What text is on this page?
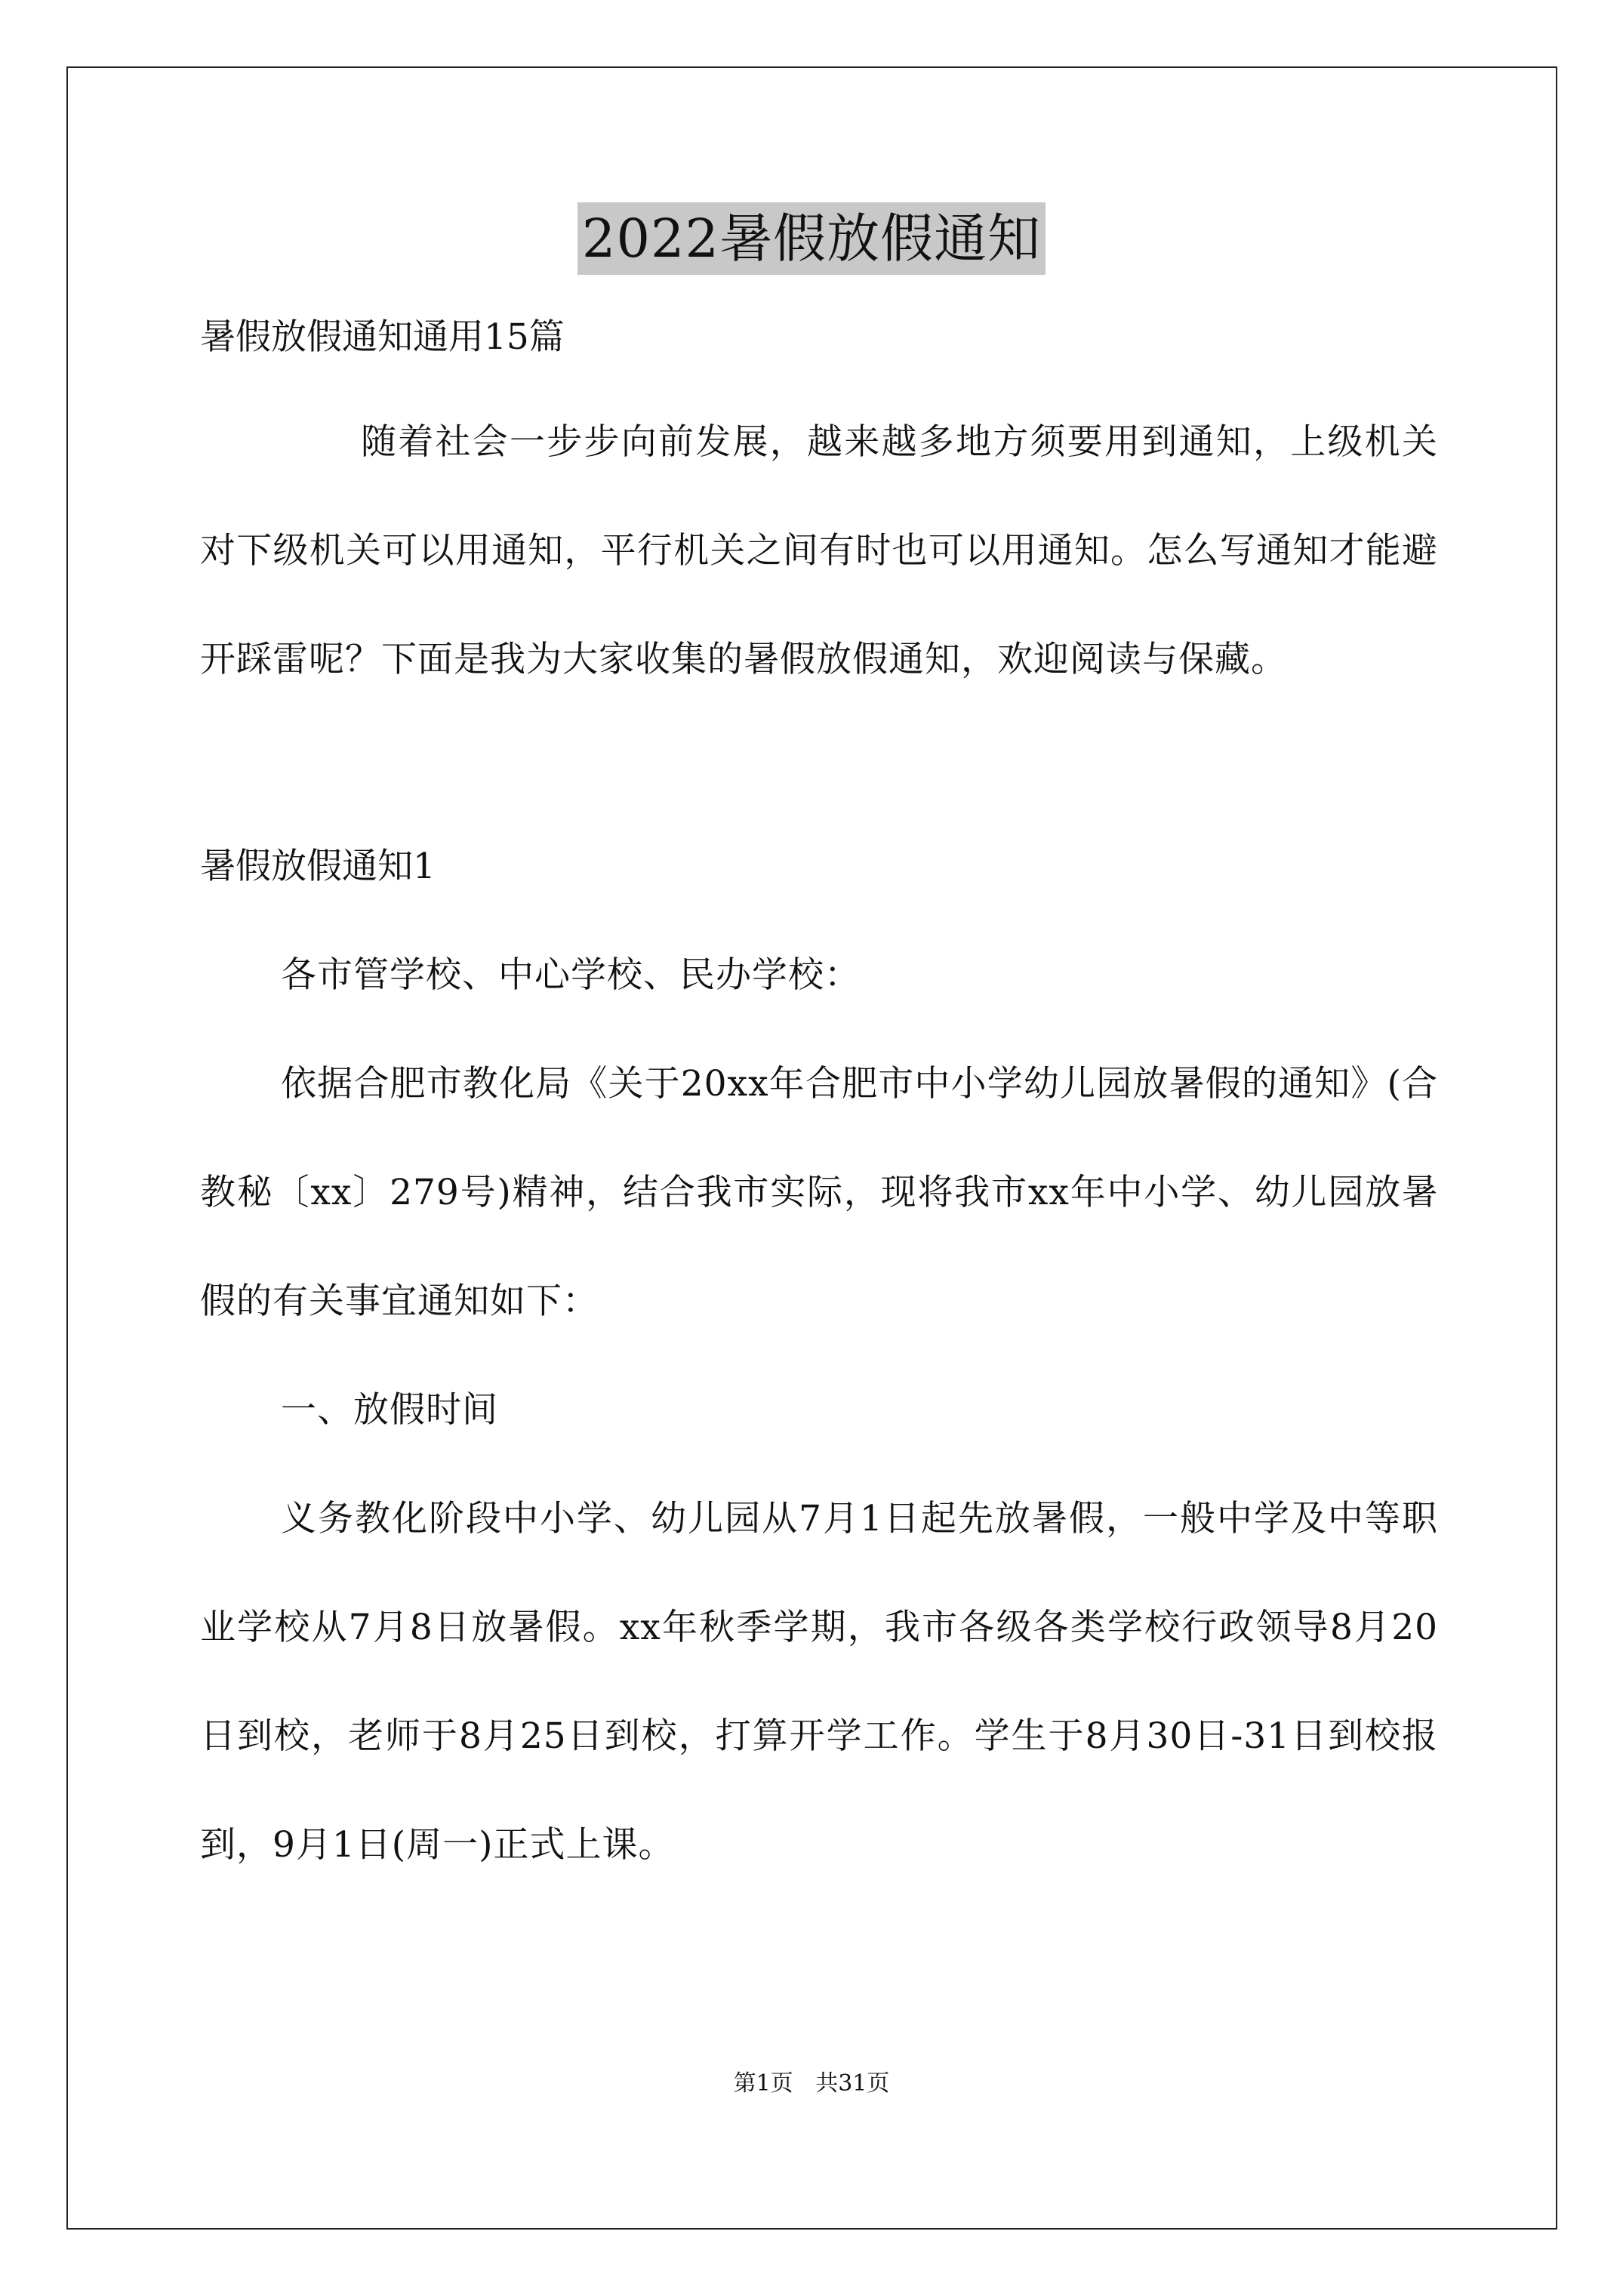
2022暑假放假通知
暑假放假通知通用15篇

随着社会一步步向前发展，越来越多地方须要用到通知，上级机关对下级机关可以用通知，平行机关之间有时也可以用通知。怎么写通知才能避开踩雷呢？下面是我为大家收集的暑假放假通知，欢迎阅读与保藏。

暑假放假通知1

各市管学校、中心学校、民办学校：

依据合肥市教化局《关于20xx年合肥市中小学幼儿园放暑假的通知》(合教秘〔xx〕279号)精神，结合我市实际，现将我市xx年中小学、幼儿园放暑假的有关事宜通知如下：

一、放假时间

义务教化阶段中小学、幼儿园从7月1日起先放暑假，一般中学及中等职业学校从7月8日放暑假。xx年秋季学期，我市各级各类学校行政领导8月20日到校，老师于8月25日到校，打算开学工作。学生于8月30日-31日到校报到，9月1日(周一)正式上课。

第1页 共31页
